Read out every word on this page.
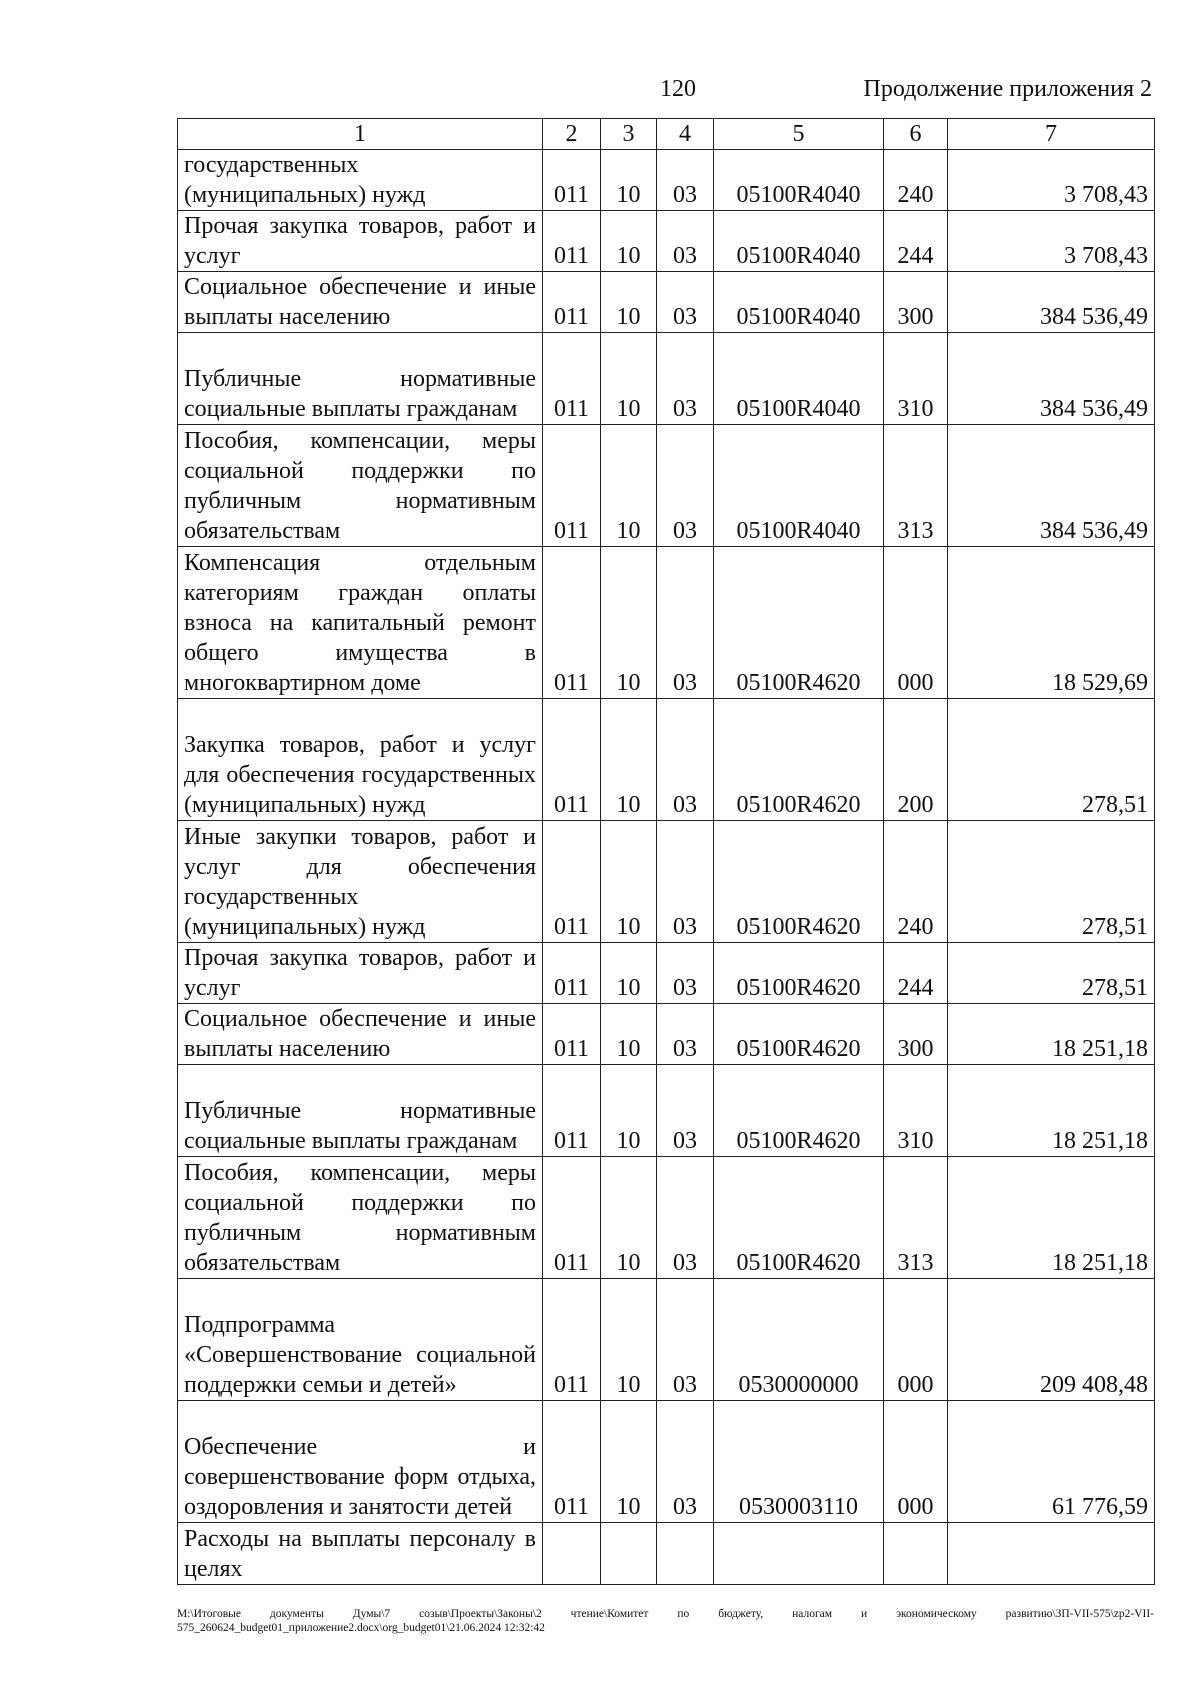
120	Продолжение приложения 2
1	2	3	4	5	6	7
государственных (муниципальных) нужд	011	10	03	05100R4040	240	3 708,43
Прочая закупка товаров, работ и услуг	011	10	03	05100R4040	244	3 708,43
Социальное обеспечение и иные выплаты населению	011	10	03	05100R4040	300	384 536,49
Публичные нормативные социальные выплаты гражданам	011	10	03	05100R4040	310	384 536,49
Пособия, компенсации, меры социальной поддержки по публичным нормативным обязательствам	011	10	03	05100R4040	313	384 536,49
Компенсация отдельным категориям граждан оплаты взноса на капитальный ремонт общего имущества в многоквартирном доме	011	10	03	05100R4620	000	18 529,69
Закупка товаров, работ и услуг для обеспечения государственных (муниципальных) нужд	011	10	03	05100R4620	200	278,51
Иные закупки товаров, работ и услуг для обеспечения государственных (муниципальных) нужд	011	10	03	05100R4620	240	278,51
Прочая закупка товаров, работ и услуг	011	10	03	05100R4620	244	278,51
Социальное обеспечение и иные выплаты населению	011	10	03	05100R4620	300	18 251,18
Публичные нормативные социальные выплаты гражданам	011	10	03	05100R4620	310	18 251,18
Пособия, компенсации, меры социальной поддержки по публичным нормативным обязательствам	011	10	03	05100R4620	313	18 251,18
Подпрограмма «Совершенствование социальной поддержки семьи и детей»	011	10	03	0530000000	000	209 408,48
Обеспечение и совершенствование форм отдыха, оздоровления и занятости детей	011	10	03	0530003110	000	61 776,59
Расходы на выплаты персоналу в целях						
M:\Итоговые документы Думы\7 созыв\Проекты\Законы\2 чтение\Комитет по бюджету, налогам и экономическому развитию\ЗП-VII-575\zp2-VII-575_260624_budget01_приложение2.docx\org_budget01\21.06.2024 12:32:42
